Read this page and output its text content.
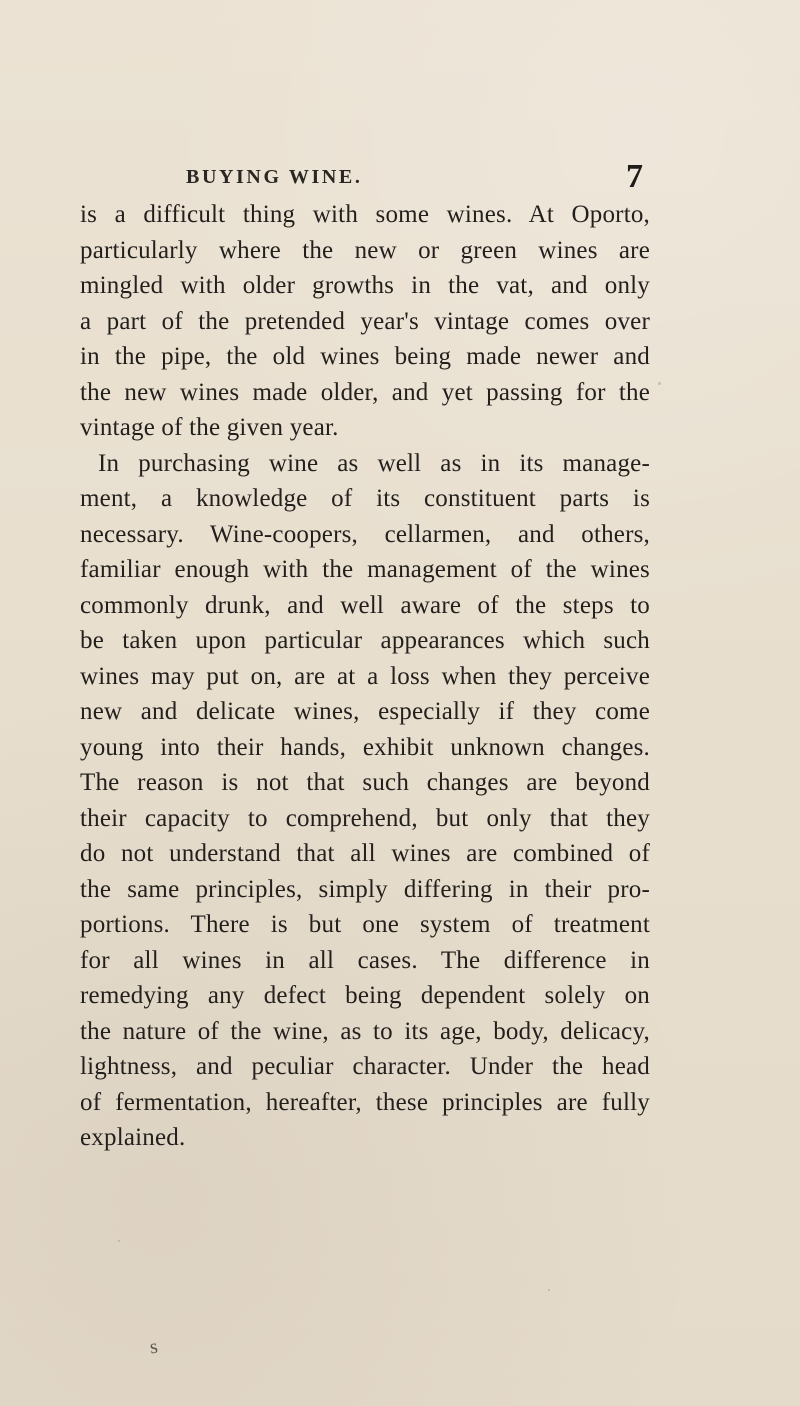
BUYING WINE.	7
is a difficult thing with some wines. At Oporto,
particularly where the new or green wines are
mingled with older growths in the vat, and only
a part of the pretended year's vintage comes over
in the pipe, the old wines being made newer and
the new wines made older, and yet passing for the
vintage of the given year.
In purchasing wine as well as in its manage-
ment, a knowledge of its constituent parts is
necessary. Wine-coopers, cellarmen, and others,
familiar enough with the management of the wines
commonly drunk, and well aware of the steps to
be taken upon particular appearances which such
wines may put on, are at a loss when they perceive
new and delicate wines, especially if they come
young into their hands, exhibit unknown changes.
The reason is not that such changes are beyond
their capacity to comprehend, but only that they
do not understand that all wines are combined of
the same principles, simply differing in their pro-
portions. There is but one system of treatment
for all wines in all cases. The difference in
remedying any defect being dependent solely on
the nature of the wine, as to its age, body, delicacy,
lightness, and peculiar character. Under the head
of fermentation, hereafter, these principles are fully
explained.
s
